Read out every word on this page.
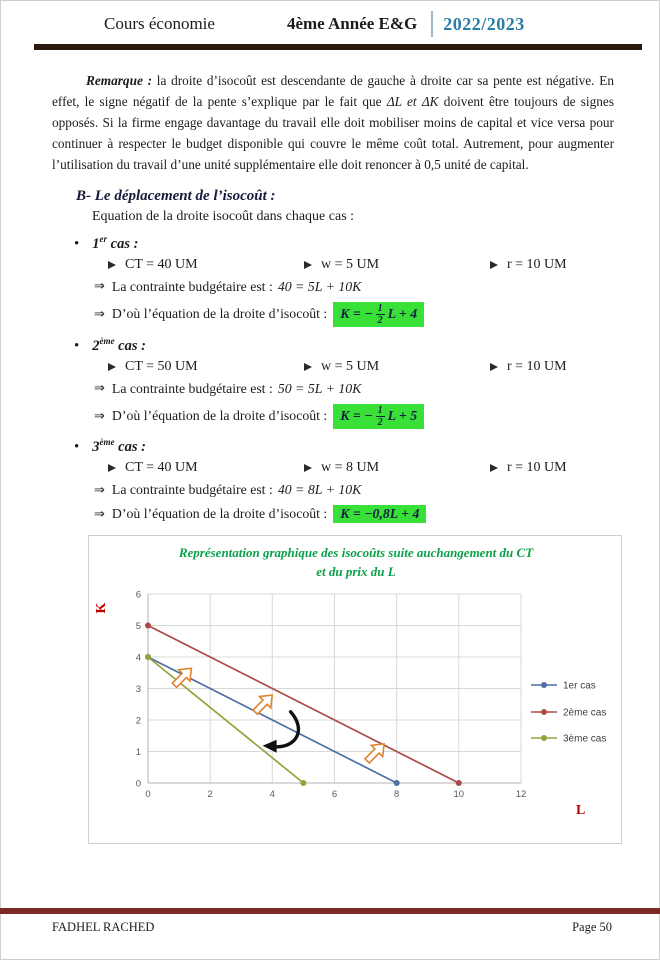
Cours économie	4ème Année E&G 2022/2023

Remarque : la droite d’isocoût est descendante de gauche à droite car sa pente est négative. En effet, le signe négatif de la pente s’explique par le fait que ΔL et ΔK doivent être toujours de signes opposés. Si la firme engage davantage du travail elle doit mobiliser moins de capital et vice versa pour continuer à respecter le budget disponible qui couvre le même coût total. Autrement, pour augmenter l’utilisation du travail d’une unité supplémentaire elle doit renoncer à 0,5 unité de capital.

B- Le déplacement de l’isocoût :
Equation de la droite isocoût dans chaque cas :
• 1er cas :
CT = 40 UM	w = 5 UM	r = 10 UM
⇒ La contrainte budgétaire est : 40 = 5L + 10K
⇒ D’où l’équation de la droite d’isocoût : K = − $\frac{1}{2}$ L + 4
• 2ème cas :
CT = 50 UM	w = 5 UM	r = 10 UM
⇒ La contrainte budgétaire est : 50 = 5L + 10K
⇒ D’où l’équation de la droite d’isocoût : K = − $\frac{1}{2}$ L + 5
• 3ème cas :
CT = 40 UM	w = 8 UM	r = 10 UM
⇒ La contrainte budgétaire est : 40 = 8L + 10K
⇒ D’où l’équation de la droite d’isocoût : K = −0,8L + 4
Représentation graphique des isocoûts suite auchangement du CT
et du prix du L
0
1
2
3
4
5
6
0	2	4	6	8	10	12
1er cas
2ème cas
3ème cas
K
L
FADHEL RACHED	Page 50
